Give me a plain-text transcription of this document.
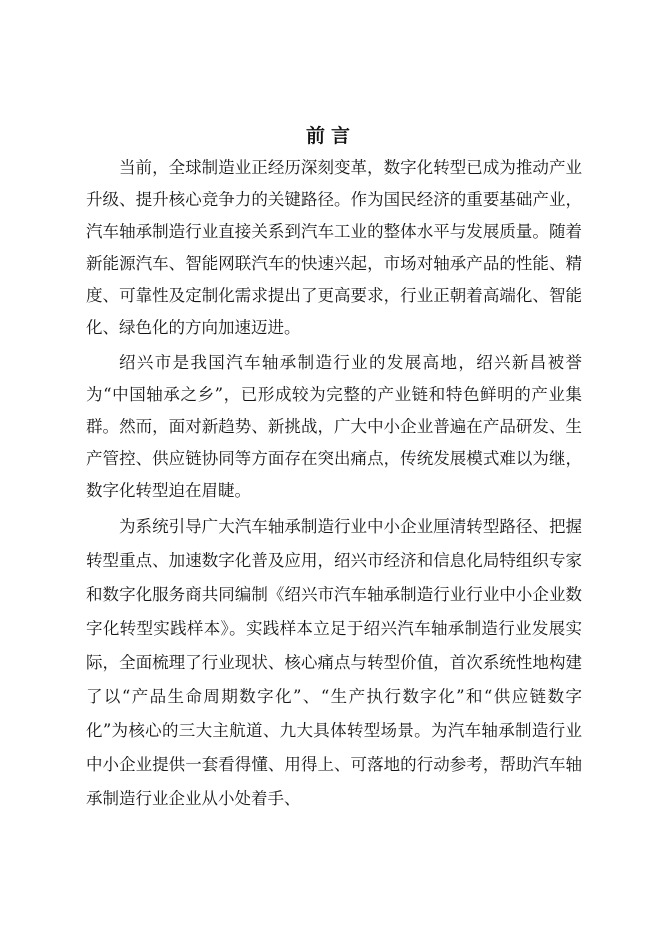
前言

当前，全球制造业正经历深刻变革，数字化转型已成为推动产业升级、提升核心竞争力的关键路径。作为国民经济的重要基础产业，汽车轴承制造行业直接关系到汽车工业的整体水平与发展质量。随着新能源汽车、智能网联汽车的快速兴起，市场对轴承产品的性能、精度、可靠性及定制化需求提出了更高要求，行业正朝着高端化、智能化、绿色化的方向加速迈进。

绍兴市是我国汽车轴承制造行业的发展高地，绍兴新昌被誉为“中国轴承之乡”，已形成较为完整的产业链和特色鲜明的产业集群。然而，面对新趋势、新挑战，广大中小企业普遍在产品研发、生产管控、供应链协同等方面存在突出痛点，传统发展模式难以为继，数字化转型迫在眉睫。

为系统引导广大汽车轴承制造行业中小企业厘清转型路径、把握转型重点、加速数字化普及应用，绍兴市经济和信息化局特组织专家和数字化服务商共同编制《绍兴市汽车轴承制造行业行业中小企业数字化转型实践样本》。实践样本立足于绍兴汽车轴承制造行业发展实际，全面梳理了行业现状、核心痛点与转型价值，首次系统性地构建了以“产品生命周期数字化”、“生产执行数字化”和“供应链数字化”为核心的三大主航道、九大具体转型场景。为汽车轴承制造行业中小企业提供一套看得懂、用得上、可落地的行动参考，帮助汽车轴承制造行业企业从小处着手、
